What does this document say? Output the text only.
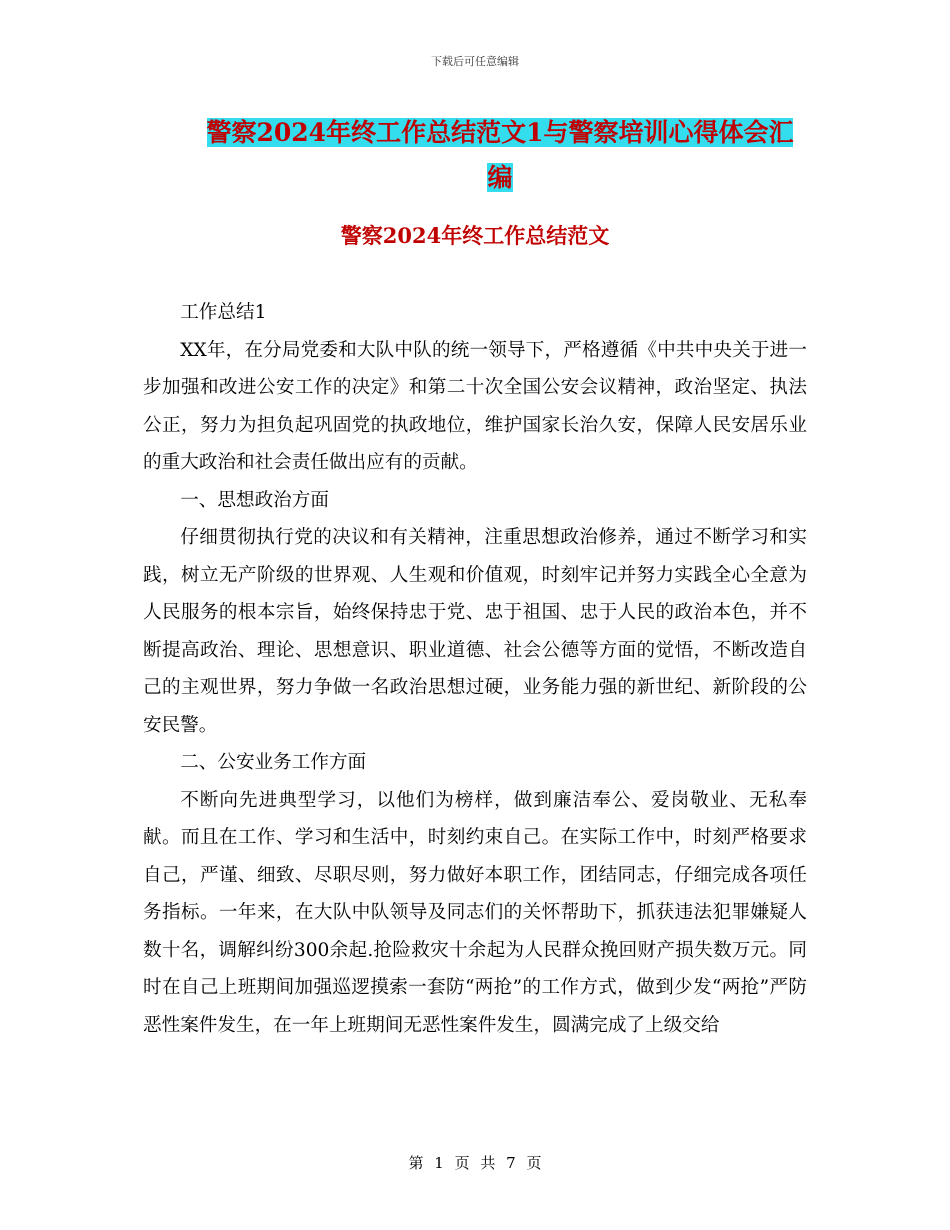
下载后可任意编辑
警察2024年终工作总结范文1与警察培训心得体会汇
编
警察2024年终工作总结范文

工作总结1

XX年，在分局党委和大队中队的统一领导下，严格遵循《中共中央关于进一步加强和改进公安工作的决定》和第二十次全国公安会议精神，政治坚定、执法公正，努力为担负起巩固党的执政地位，维护国家长治久安，保障人民安居乐业的重大政治和社会责任做出应有的贡献。

一、思想政治方面

仔细贯彻执行党的决议和有关精神，注重思想政治修养，通过不断学习和实践，树立无产阶级的世界观、人生观和价值观，时刻牢记并努力实践全心全意为人民服务的根本宗旨，始终保持忠于党、忠于祖国、忠于人民的政治本色，并不断提高政治、理论、思想意识、职业道德、社会公德等方面的觉悟，不断改造自己的主观世界，努力争做一名政治思想过硬，业务能力强的新世纪、新阶段的公安民警。

二、公安业务工作方面

不断向先进典型学习，以他们为榜样，做到廉洁奉公、爱岗敬业、无私奉献。而且在工作、学习和生活中，时刻约束自己。在实际工作中，时刻严格要求自己，严谨、细致、尽职尽则，努力做好本职工作，团结同志，仔细完成各项任务指标。一年来，在大队中队领导及同志们的关怀帮助下，抓获违法犯罪嫌疑人数十名，调解纠纷300余起.抢险救灾十余起为人民群众挽回财产损失数万元。同时在自己上班期间加强巡逻摸索一套防“两抢”的工作方式，做到少发“两抢”严防恶性案件发生，在一年上班期间无恶性案件发生，圆满完成了上级交给

第 1 页 共 7 页
